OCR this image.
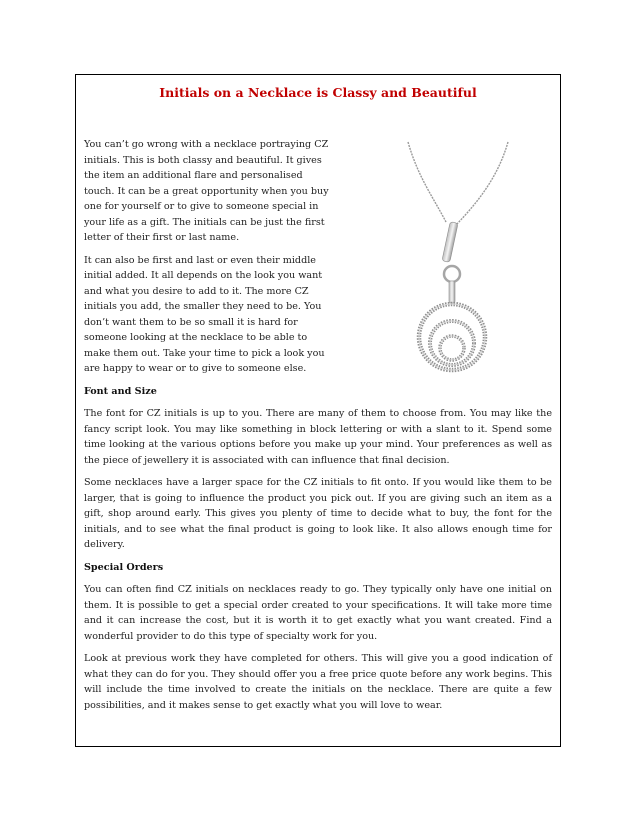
Initials on a Necklace is Classy and Beautiful

You can’t go wrong with a necklace portraying CZ initials. This is both classy and beautiful. It gives the item an additional flare and personalised touch. It can be a great opportunity when you buy one for yourself or to give to someone special in your life as a gift. The initials can be just the first letter of their first or last name.

It can also be first and last or even their middle initial added. It all depends on the look you want and what you desire to add to it. The more CZ initials you add, the smaller they need to be. You don’t want them to be so small it is hard for someone looking at the necklace to be able to make them out. Take your time to pick a look you are happy to wear or to give to someone else.

Font and Size

The font for CZ initials is up to you. There are many of them to choose from. You may like the fancy script look. You may like something in block lettering or with a slant to it. Spend some time looking at the various options before you make up your mind. Your preferences as well as the piece of jewellery it is associated with can influence that final decision.

Some necklaces have a larger space for the CZ initials to fit onto. If you would like them to be larger, that is going to influence the product you pick out. If you are giving such an item as a gift, shop around early. This gives you plenty of time to decide what to buy, the font for the initials, and to see what the final product is going to look like. It also allows enough time for delivery.

Special Orders

You can often find CZ initials on necklaces ready to go. They typically only have one initial on them. It is possible to get a special order created to your specifications. It will take more time and it can increase the cost, but it is worth it to get exactly what you want created. Find a wonderful provider to do this type of specialty work for you.

Look at previous work they have completed for others. This will give you a good indication of what they can do for you. They should offer you a free price quote before any work begins. This will include the time involved to create the initials on the necklace. There are quite a few possibilities, and it makes sense to get exactly what you will love to wear.
